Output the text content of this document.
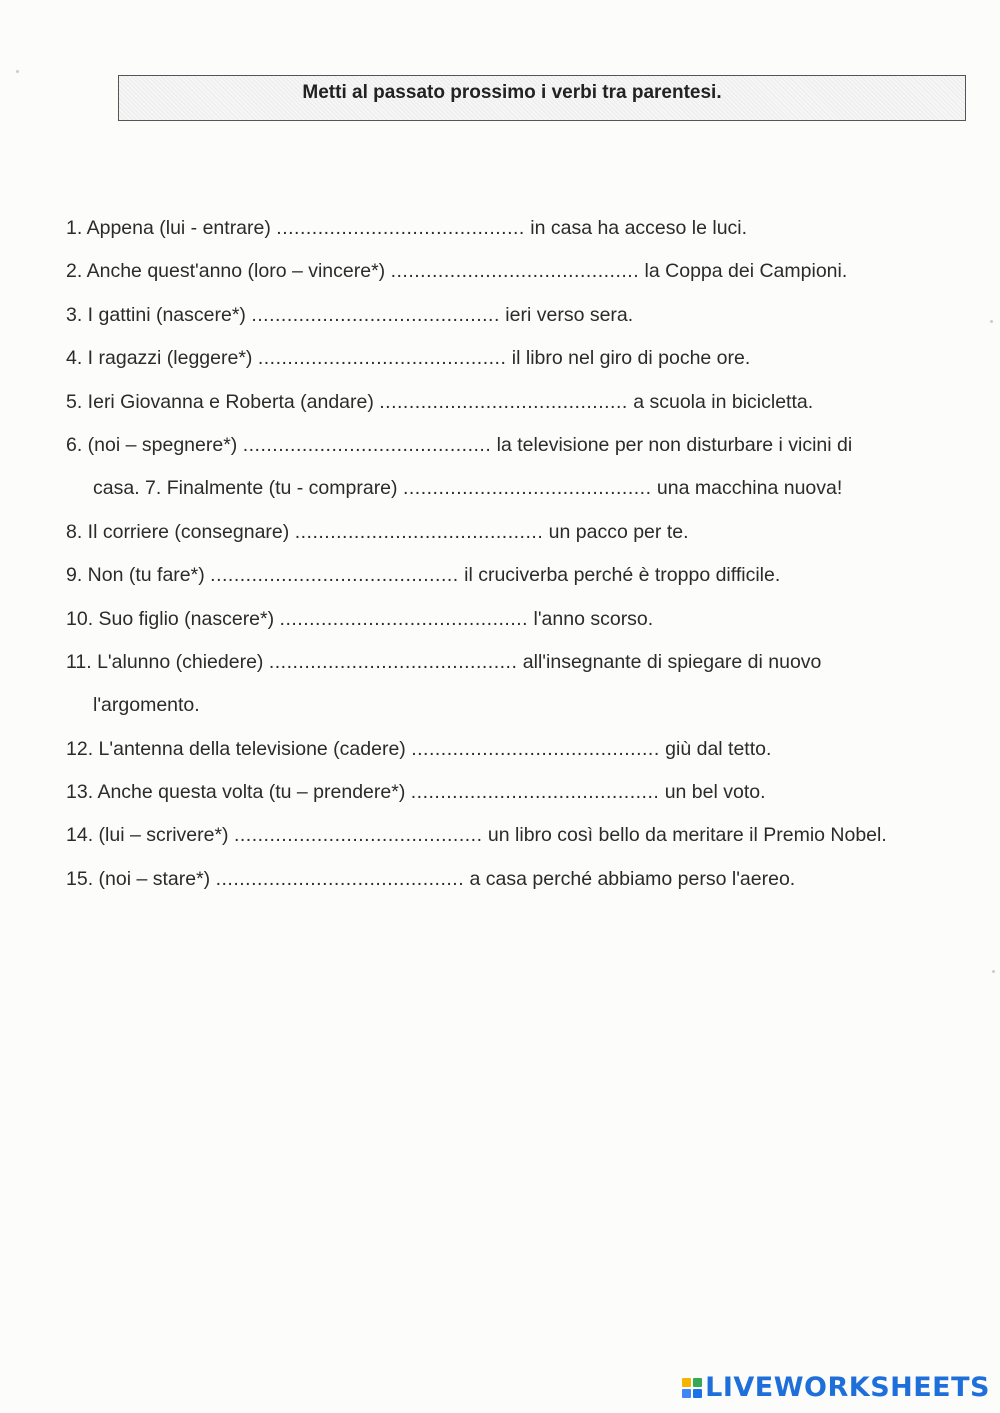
Metti al passato prossimo i verbi tra parentesi.
1. Appena (lui - entrare) .......................................... in casa ha acceso le luci.
2. Anche quest'anno (loro – vincere*) .......................................... la Coppa dei Campioni.
3. I gattini (nascere*) .......................................... ieri verso sera.
4. I ragazzi (leggere*) .......................................... il libro nel giro di poche ore.
5. Ieri Giovanna e Roberta (andare) .......................................... a scuola in bicicletta.
6. (noi – spegnere*) .......................................... la televisione per non disturbare i vicini di
casa. 7. Finalmente (tu - comprare) .......................................... una macchina nuova!
8. Il corriere (consegnare) .......................................... un pacco per te.
9. Non (tu fare*) .......................................... il cruciverba perché è troppo difficile.
10. Suo figlio (nascere*) .......................................... l'anno scorso.
11. L'alunno (chiedere) .......................................... all'insegnante di spiegare di nuovo
l'argomento.
12. L'antenna della televisione (cadere) .......................................... giù dal tetto.
13. Anche questa volta (tu – prendere*) .......................................... un bel voto.
14. (lui – scrivere*) .......................................... un libro così bello da meritare il Premio Nobel.
15. (noi – stare*) .......................................... a casa perché abbiamo perso l'aereo.
LIVEWORKSHEETS
